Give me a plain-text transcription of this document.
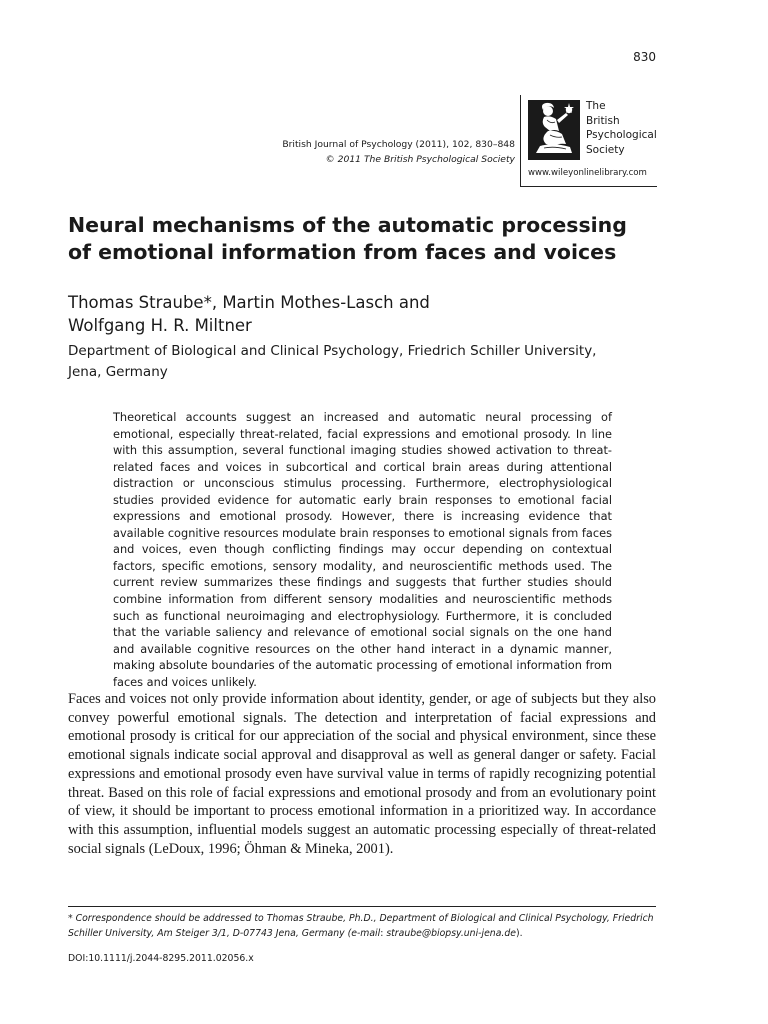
830
British Journal of Psychology (2011), 102, 830–848
© 2011 The British Psychological Society
The
British
Psychological
Society
www.wileyonlinelibrary.com
Neural mechanisms of the automatic processing
of emotional information from faces and voices
Thomas Straube*, Martin Mothes-Lasch and
Wolfgang H. R. Miltner
Department of Biological and Clinical Psychology, Friedrich Schiller University,
Jena, Germany

Theoretical accounts suggest an increased and automatic neural processing of emotional, especially threat-related, facial expressions and emotional prosody. In line with this assumption, several functional imaging studies showed activation to threat-related faces and voices in subcortical and cortical brain areas during attentional distraction or unconscious stimulus processing. Furthermore, electrophysiological studies provided evidence for automatic early brain responses to emotional facial expressions and emotional prosody. However, there is increasing evidence that available cognitive resources modulate brain responses to emotional signals from faces and voices, even though conflicting findings may occur depending on contextual factors, specific emotions, sensory modality, and neuroscientific methods used. The current review summarizes these findings and suggests that further studies should combine information from different sensory modalities and neuroscientific methods such as functional neuroimaging and electrophysiology. Furthermore, it is concluded that the variable saliency and relevance of emotional social signals on the one hand and available cognitive resources on the other hand interact in a dynamic manner, making absolute boundaries of the automatic processing of emotional information from faces and voices unlikely.

Faces and voices not only provide information about identity, gender, or age of subjects but they also convey powerful emotional signals. The detection and interpretation of facial expressions and emotional prosody is critical for our appreciation of the social and physical environment, since these emotional signals indicate social approval and disapproval as well as general danger or safety. Facial expressions and emotional prosody even have survival value in terms of rapidly recognizing potential threat. Based on this role of facial expressions and emotional prosody and from an evolutionary point of view, it should be important to process emotional information in a prioritized way. In accordance with this assumption, influential models suggest an automatic processing especially of threat-related social signals (LeDoux, 1996; Öhman & Mineka, 2001).

* Correspondence should be addressed to Thomas Straube, Ph.D., Department of Biological and Clinical Psychology, Friedrich Schiller University, Am Steiger 3/1, D-07743 Jena, Germany (e-mail: straube@biopsy.uni-jena.de).
DOI:10.1111/j.2044-8295.2011.02056.x
